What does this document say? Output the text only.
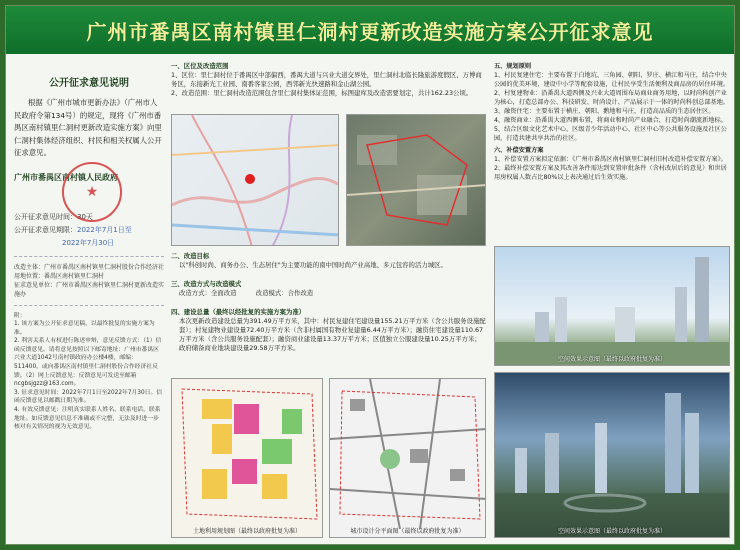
广州市番禺区南村镇里仁洞村更新改造实施方案公开征求意见
公开征求意见说明
根据《广州市城市更新办法》（广州市人民政府令第134号）的规定，现将《广州市番禺区南村镇里仁洞村更新改造实施方案》向里仁洞村集体经济组织、村民和相关权属人公开征求意见。
广州市番禺区南村镇人民政府
★
公开征求意见时间：30天
公开征求意见期限：2022年7月1日至
2022年7月30日
改造主体：广州市番禺区南村镇里仁洞村股份合作经济社
用地位置：番禺区南村镇里仁洞村
征求意见单位：广州市番禺区南村镇里仁洞村更新改造实施办
附：
1. 该方案为公开征求意见稿，以最终批复的实施方案为准。
2. 利害关系人有权进行陈述申辩，意见反馈方式：（1）信函反馈意见。请将意见按照以下邮寄地址：广州市番禺区兴业大道1042号南村镇政府办公楼4楼，邮编：511400，或向番禺区南村镇里仁洞村股份合作经济社反馈。（2）网上反馈意见：反馈意见可发送至邮箱ncgbsjgzz@163.com。
3. 征求意见时间：2022年7月1日至2022年7月30日。信函反馈意见以邮戳日期为准。
4. 有效反馈意见：注明真实联系人姓名、联系电话，联系地址。如反馈意见信息不准确或不完整，无法及时进一步核对有关情况的视为无效意见。
一、区位及改造范围
1、区位：里仁洞村位于番禺区中部偏西，番禺大道与兴业大道交界处，里仁洞村北临长隆旅游度假区、万博商务区，东接新光工业园、南番客家公园，西邻新光快速路和金山湖公园。
2、改造范围：里仁洞村改造范围包含里仁洞村集体证范围，标图建库及改造需要划定，共计162.23公顷。
二、改造目标
以"科创时尚、商务办公、生态居住"为主要功能的南中国时尚产业高地、多元包容的活力城区。
三、改造方式与改造模式
改造方式：全面改造　　　改造模式：合作改造
四、建设总量（最终以经批复的实施方案为准）
本次更新改造建设总量为391.49万平方米，其中：村民复建住宅建设量155.21万平方米（含公共服务设施配套）；村复建物业建设量72.40万平方米（含非村属国有物业复建量6.44万平方米）；融资住宅建设量110.67万平方米（含公共服务设施配套）；融资商业建设量13.37万平方米；区值独立公服建设量10.25万平方米；政府储备商业地块建设量29.58万平方米。
土地利用规划图（最终以政府批复为准）	城市设计分平面图（最终以政府批复为准）
五、规划原则
1、村民复建住宅：主要布置于白地坑、三角园、朝阳、罗庄、横江和马庄，结合中央公园的优美环境，建设中小学等配套设施，让村民享受生活便利及商品房的居住环境。
2、村复建物业：沿番禺大道西侧及兴业大道周围布局商业商务用地，以时尚科创产业为核心，打造总部办公、科技研发、时尚设计、产品展示于一体的时尚科创总部基地。
3、融资住宅：主要布置于横庄、朝阳、鹅地和马庄，打造高品质的生态居住区。
4、融资商业：沿番禺大道西侧布置，将商业和时尚产业融合，打造时尚潮流新地标。
5、结合区级文化艺术中心、区级青少年活动中心、社区中心等公共服务设施及社区公园，打造共建共享共治的社区。
六、补偿安置方案
1、补偿安置方案拟定依据：《广州市番禺区南村镇里仁洞村旧村改造补偿安置方案》。
2、最终补偿安置方案及其改善条件需达到安置审批条件（含村改居后的意见）和世居用房权属人数占比80%以上表决通过后生效实施。
空间效果示意图（最终以政府批复为准）
空间效果示意图（最终以政府批复为准）
